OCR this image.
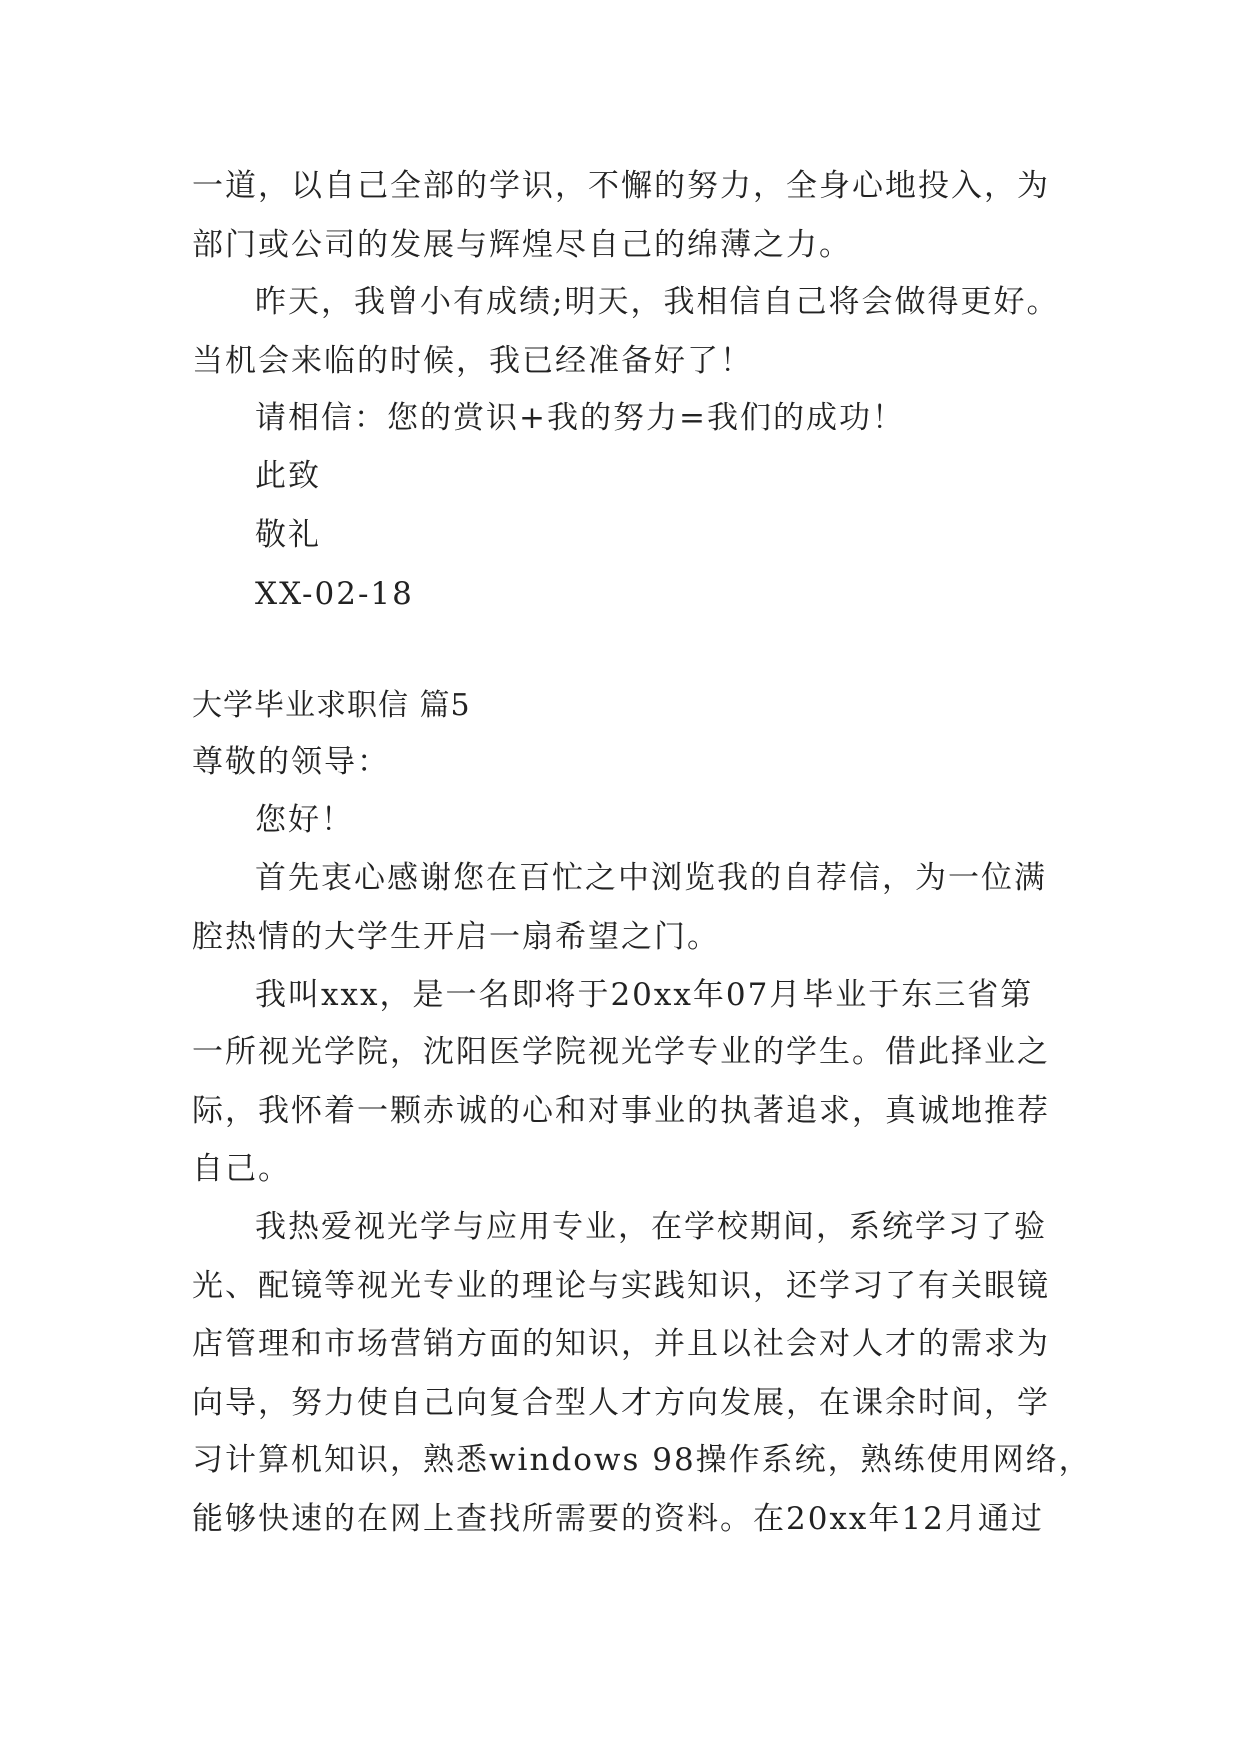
一道，以自己全部的学识，不懈的努力，全身心地投入，为

部门或公司的发展与辉煌尽自己的绵薄之力。

昨天，我曾小有成绩;明天，我相信自己将会做得更好。

当机会来临的时候，我已经准备好了！

请相信：您的赏识+我的努力=我们的成功！

此致

敬礼

XX-02-18

大学毕业求职信 篇5

尊敬的领导：

您好！

首先衷心感谢您在百忙之中浏览我的自荐信，为一位满

腔热情的大学生开启一扇希望之门。

我叫xxx，是一名即将于20xx年07月毕业于东三省第

一所视光学院，沈阳医学院视光学专业的学生。借此择业之

际，我怀着一颗赤诚的心和对事业的执著追求，真诚地推荐

自己。

我热爱视光学与应用专业，在学校期间，系统学习了验

光、配镜等视光专业的理论与实践知识，还学习了有关眼镜

店管理和市场营销方面的知识，并且以社会对人才的需求为

向导，努力使自己向复合型人才方向发展，在课余时间，学

习计算机知识，熟悉windows 98操作系统，熟练使用网络，

能够快速的在网上查找所需要的资料。在20xx年12月通过
